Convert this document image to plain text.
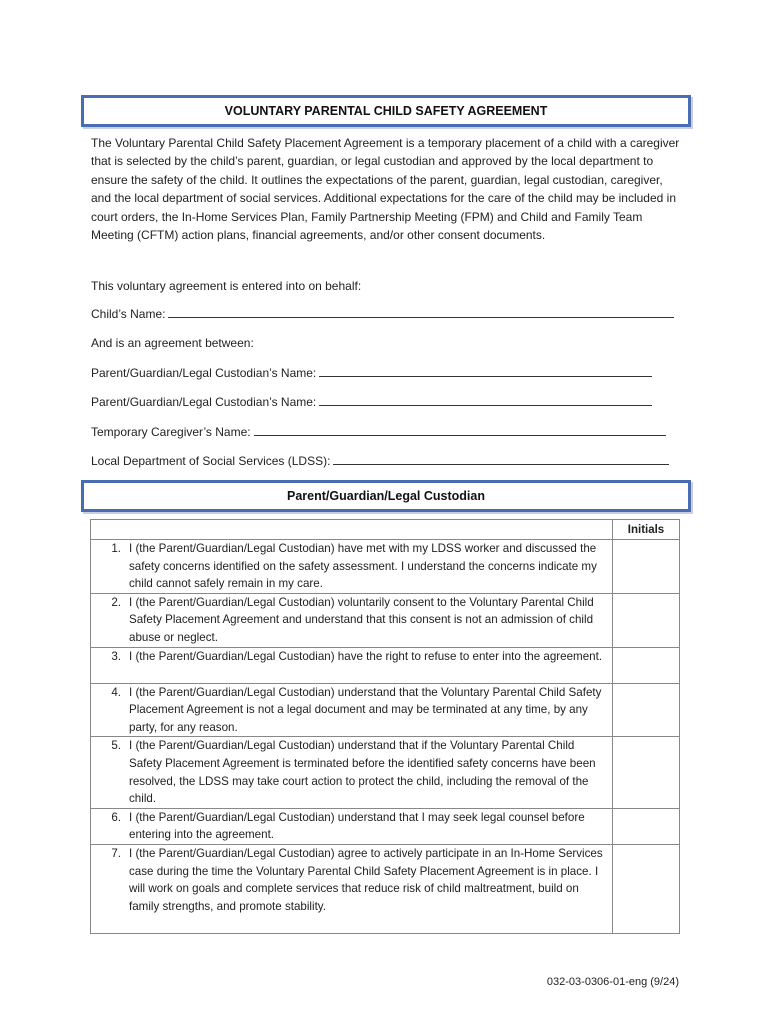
VOLUNTARY PARENTAL CHILD SAFETY AGREEMENT

The Voluntary Parental Child Safety Placement Agreement is a temporary placement of a child with a caregiver that is selected by the child’s parent, guardian, or legal custodian and approved by the local department to ensure the safety of the child. It outlines the expectations of the parent, guardian, legal custodian, caregiver, and the local department of social services. Additional expectations for the care of the child may be included in court orders, the In-Home Services Plan, Family Partnership Meeting (FPM) and Child and Family Team Meeting (CFTM) action plans, financial agreements, and/or other consent documents.

This voluntary agreement is entered into on behalf:

Child’s Name:
And is an agreement between:
Parent/Guardian/Legal Custodian’s Name:
Parent/Guardian/Legal Custodian’s Name:
Temporary Caregiver’s Name:
Local Department of Social Services (LDSS):
Parent/Guardian/Legal Custodian
	Initials

1. I (the Parent/Guardian/Legal Custodian) have met with my LDSS worker and discussed the safety concerns identified on the safety assessment. I understand the concerns indicate my child cannot safely remain in my care.	

2. I (the Parent/Guardian/Legal Custodian) voluntarily consent to the Voluntary Parental Child Safety Placement Agreement and understand that this consent is not an admission of child abuse or neglect.	

3. I (the Parent/Guardian/Legal Custodian) have the right to refuse to enter into the agreement.	

4. I (the Parent/Guardian/Legal Custodian) understand that the Voluntary Parental Child Safety Placement Agreement is not a legal document and may be terminated at any time, by any party, for any reason.	

5. I (the Parent/Guardian/Legal Custodian) understand that if the Voluntary Parental Child Safety Placement Agreement is terminated before the identified safety concerns have been resolved, the LDSS may take court action to protect the child, including the removal of the child.	

6. I (the Parent/Guardian/Legal Custodian) understand that I may seek legal counsel before entering into the agreement.	

7. I (the Parent/Guardian/Legal Custodian) agree to actively participate in an In-Home Services case during the time the Voluntary Parental Child Safety Placement Agreement is in place. I will work on goals and complete services that reduce risk of child maltreatment, build on family strengths, and promote stability.	

032-03-0306-01-eng (9/24)
